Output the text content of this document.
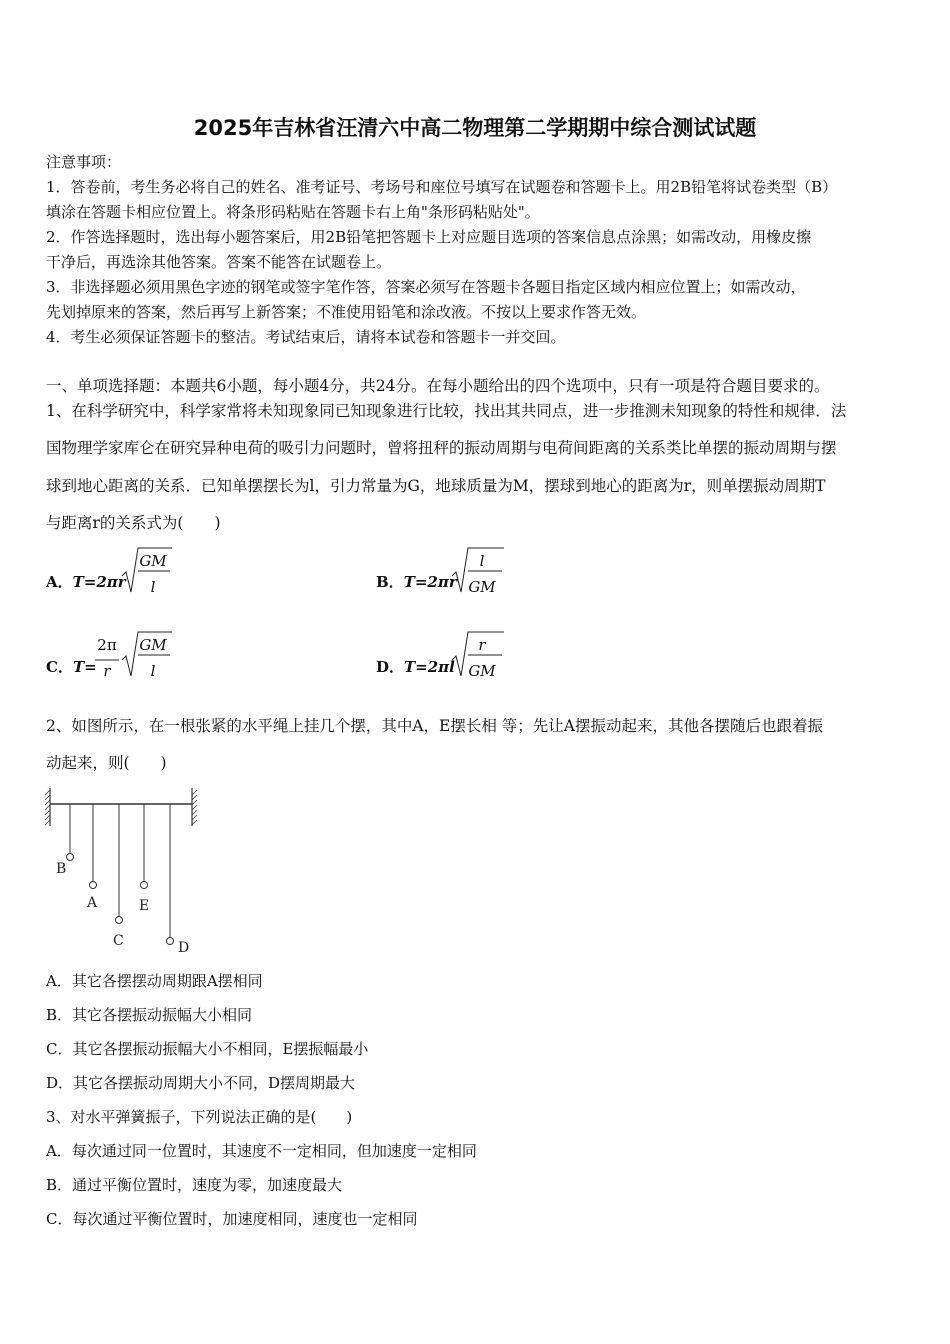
2025年吉林省汪清六中高二物理第二学期期中综合测试试题
注意事项：
1．答卷前，考生务必将自己的姓名、准考证号、考场号和座位号填写在试题卷和答题卡上。用2B铅笔将试卷类型（B）
填涂在答题卡相应位置上。将条形码粘贴在答题卡右上角"条形码粘贴处"。
2．作答选择题时，选出每小题答案后，用2B铅笔把答题卡上对应题目选项的答案信息点涂黑；如需改动，用橡皮擦
干净后，再选涂其他答案。答案不能答在试题卷上。
3．非选择题必须用黑色字迹的钢笔或签字笔作答，答案必须写在答题卡各题目指定区域内相应位置上；如需改动，
先划掉原来的答案，然后再写上新答案；不准使用铅笔和涂改液。不按以上要求作答无效。
4．考生必须保证答题卡的整洁。考试结束后，请将本试卷和答题卡一并交回。
一、单项选择题：本题共6小题，每小题4分，共24分。在每小题给出的四个选项中，只有一项是符合题目要求的。
1、在科学研究中，科学家常将未知现象同已知现象进行比较，找出其共同点，进一步推测未知现象的特性和规律．法
国物理学家库仑在研究异种电荷的吸引力问题时，曾将扭秤的振动周期与电荷间距离的关系类比单摆的振动周期与摆
球到地心距离的关系．已知单摆摆长为l，引力常量为G，地球质量为M，摆球到地心的距离为r，则单摆振动周期T
与距离r的关系式为(　　)
A．T=2πr
GM
l	B．T=2πr
l
GM
C．T=
2π
r
GM
l	D．T=2πl
r
GM
2、如图所示，在一根张紧的水平绳上挂几个摆，其中A，E摆长相 等；先让A摆振动起来，其他各摆随后也跟着振
动起来，则(　　)
B
A
C
E
D
A．其它各摆摆动周期跟A摆相同
B．其它各摆振动振幅大小相同
C．其它各摆振动振幅大小不相同，E摆振幅最小
D．其它各摆振动周期大小不同，D摆周期最大
3、对水平弹簧振子，下列说法正确的是(　　)
A．每次通过同一位置时，其速度不一定相同，但加速度一定相同
B．通过平衡位置时，速度为零，加速度最大
C．每次通过平衡位置时，加速度相同，速度也一定相同
